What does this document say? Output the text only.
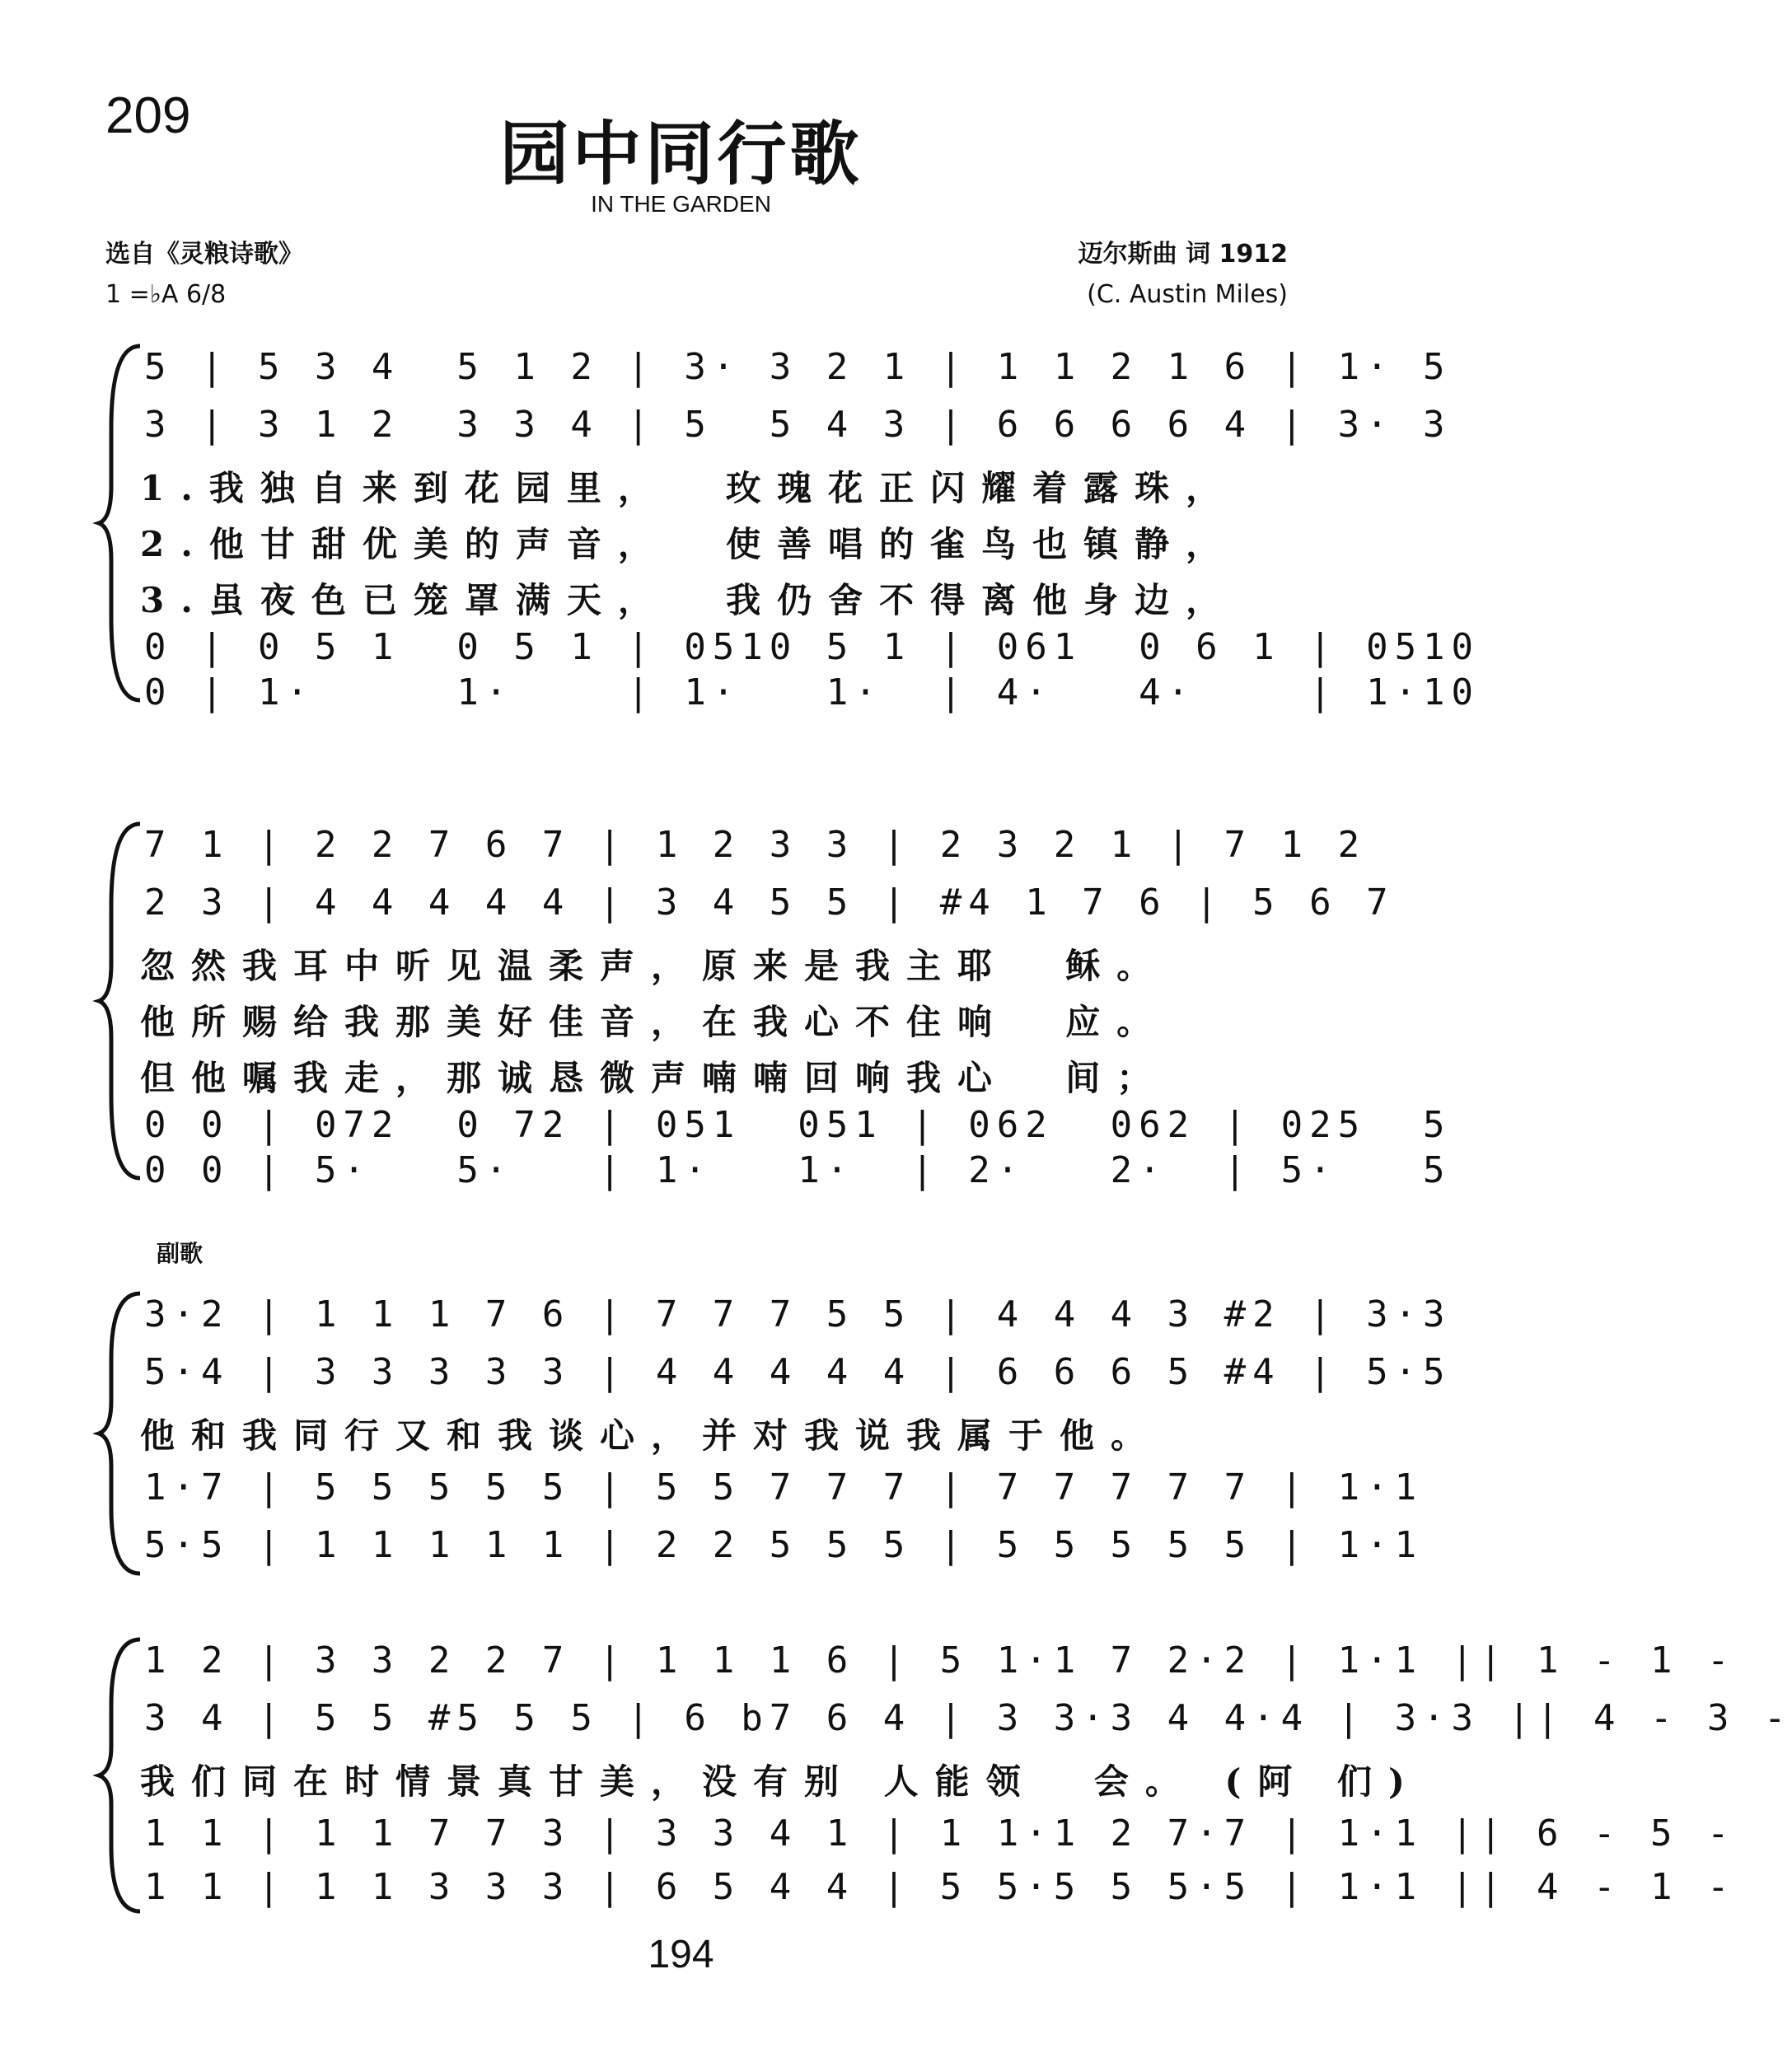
209	园中同行歌
IN THE GARDEN
选自《灵粮诗歌》
1 =♭A 6/8
迈尔斯曲 词 1912
(C. Austin Miles)
5 | 5 3 4  5 1 2 | 3· 3 2 1 | 1 1 2 1 6 | 1· 5
3 | 3 1 2  3 3 4 | 5  5 4 3 | 6 6 6 6 4 | 3· 3
1.我独自来到花园里，  玫瑰花正闪耀着露珠，
2.他甘甜优美的声音，  使善唱的雀鸟也镇静，
3.虽夜色已笼罩满天，  我仍舍不得离他身边，
0 | 0 5 1  0 5 1 | 0510 5 1 | 061  0 6 1 | 0510
0 | 1·     1·    | 1·   1·  | 4·   4·    | 1·10
7 1 | 2 2 7 6 7 | 1 2 3 3 | 2 3 2 1 | 7 1 2
2 3 | 4 4 4 4 4 | 3 4 5 5 | #4 1 7 6 | 5 6 7
忽然我耳中听见温柔声，原来是我主耶  稣。
他所赐给我那美好佳音，在我心不住响  应。
但他嘱我走，那诚恳微声喃喃回响我心  间；
0 0 | 072  0 72 | 051  051 | 062  062 | 025  5
0 0 | 5·   5·   | 1·   1·  | 2·   2·  | 5·   5
副歌
3·2 | 1 1 1 7 6 | 7 7 7 5 5 | 4 4 4 3 #2 | 3·3
5·4 | 3 3 3 3 3 | 4 4 4 4 4 | 6 6 6 5 #4 | 5·5
他和我同行又和我谈心，并对我说我属于他。
1·7 | 5 5 5 5 5 | 5 5 7 7 7 | 7 7 7 7 7 | 1·1
5·5 | 1 1 1 1 1 | 2 2 5 5 5 | 5 5 5 5 5 | 1·1
1 2 | 3 3 2 2 7 | 1 1 1 6 | 5 1·1 7 2·2 | 1·1 || 1 - 1 -
3 4 | 5 5 #5 5 5 | 6 b7 6 4 | 3 3·3 4 4·4 | 3·3 || 4 - 3 -
我们同在时情景真甘美，没有别 人能领  会。 (阿 们)
1 1 | 1 1 7 7 3 | 3 3 4 1 | 1 1·1 2 7·7 | 1·1 || 6 - 5 -
1 1 | 1 1 3 3 3 | 6 5 4 4 | 5 5·5 5 5·5 | 1·1 || 4 - 1 -
194
